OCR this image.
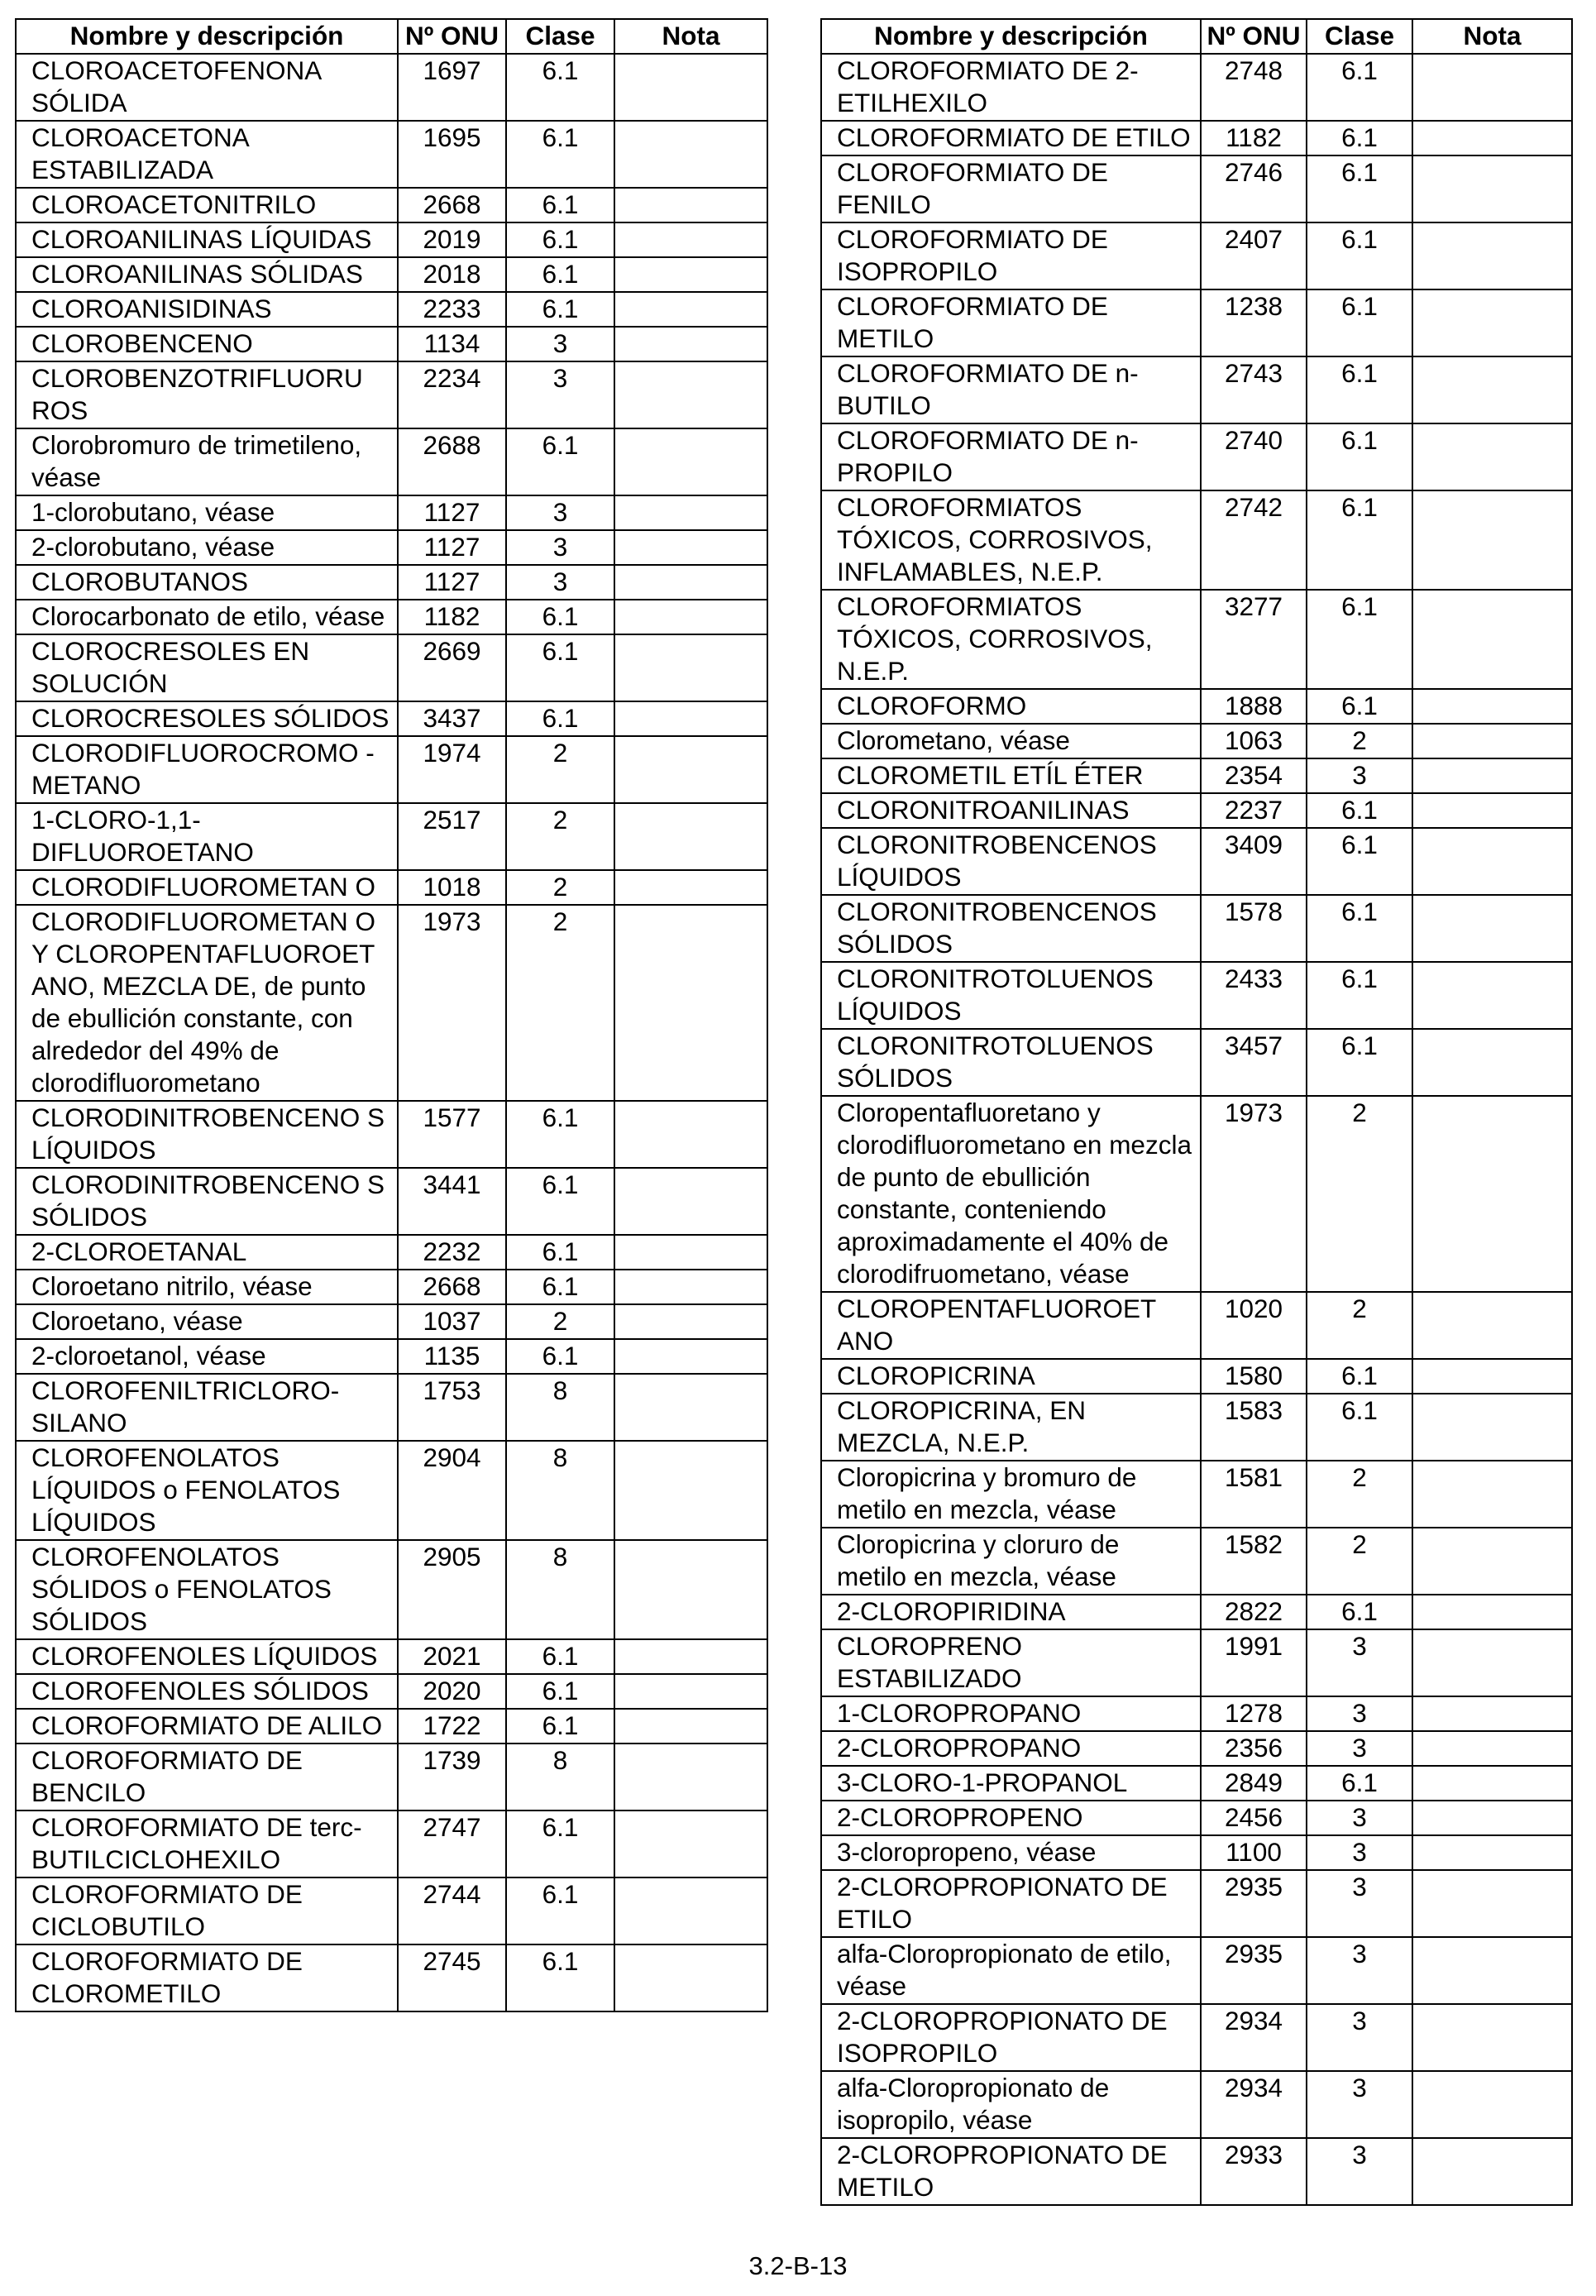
Nombre y descripción	Nº ONU	Clase	Nota
CLOROACETOFENONA SÓLIDA	1697	6.1	
CLOROACETONA ESTABILIZADA	1695	6.1	
CLOROACETONITRILO	2668	6.1	
CLOROANILINAS LÍQUIDAS	2019	6.1	
CLOROANILINAS SÓLIDAS	2018	6.1	
CLOROANISIDINAS	2233	6.1	
CLOROBENCENO	1134	3	
CLOROBENZOTRIFLUORU ROS	2234	3	
Clorobromuro de trimetileno, véase	2688	6.1	
1-clorobutano, véase	1127	3	
2-clorobutano, véase	1127	3	
CLOROBUTANOS	1127	3	
Clorocarbonato de etilo, véase	1182	6.1	
CLOROCRESOLES EN SOLUCIÓN	2669	6.1	
CLOROCRESOLES SÓLIDOS	3437	6.1	
CLORODIFLUOROCROMO -METANO	1974	2	
1-CLORO-1,1- DIFLUOROETANO	2517	2	
CLORODIFLUOROMETAN O	1018	2	
CLORODIFLUOROMETAN O Y CLOROPENTAFLUOROET ANO, MEZCLA DE, de punto de ebullición constante, con alrededor del 49% de clorodifluorometano	1973	2	
CLORODINITROBENCENO S LÍQUIDOS	1577	6.1	
CLORODINITROBENCENO S SÓLIDOS	3441	6.1	
2-CLOROETANAL	2232	6.1	
Cloroetano nitrilo, véase	2668	6.1	
Cloroetano, véase	1037	2	
2-cloroetanol, véase	1135	6.1	
CLOROFENILTRICLORO- SILANO	1753	8	
CLOROFENOLATOS LÍQUIDOS o FENOLATOS LÍQUIDOS	2904	8	
CLOROFENOLATOS SÓLIDOS o FENOLATOS SÓLIDOS	2905	8	
CLOROFENOLES LÍQUIDOS	2021	6.1	
CLOROFENOLES SÓLIDOS	2020	6.1	
CLOROFORMIATO DE ALILO	1722	6.1	
CLOROFORMIATO DE BENCILO	1739	8	
CLOROFORMIATO DE terc-BUTILCICLOHEXILO	2747	6.1	
CLOROFORMIATO DE CICLOBUTILO	2744	6.1	
CLOROFORMIATO DE CLOROMETILO	2745	6.1	
Nombre y descripción	Nº ONU	Clase	Nota
CLOROFORMIATO DE 2-ETILHEXILO	2748	6.1	
CLOROFORMIATO DE ETILO	1182	6.1	
CLOROFORMIATO DE FENILO	2746	6.1	
CLOROFORMIATO DE ISOPROPILO	2407	6.1	
CLOROFORMIATO DE METILO	1238	6.1	
CLOROFORMIATO DE n-BUTILO	2743	6.1	
CLOROFORMIATO DE n-PROPILO	2740	6.1	
CLOROFORMIATOS TÓXICOS, CORROSIVOS, INFLAMABLES, N.E.P.	2742	6.1	
CLOROFORMIATOS TÓXICOS, CORROSIVOS, N.E.P.	3277	6.1	
CLOROFORMO	1888	6.1	
Clorometano, véase	1063	2	
CLOROMETIL ETÍL ÉTER	2354	3	
CLORONITROANILINAS	2237	6.1	
CLORONITROBENCENOS LÍQUIDOS	3409	6.1	
CLORONITROBENCENOS SÓLIDOS	1578	6.1	
CLORONITROTOLUENOS LÍQUIDOS	2433	6.1	
CLORONITROTOLUENOS SÓLIDOS	3457	6.1	
Cloropentafluoretano y clorodifluorometano en mezcla de punto de ebullición constante, conteniendo aproximadamente el 40% de clorodifruometano, véase	1973	2	
CLOROPENTAFLUOROET ANO	1020	2	
CLOROPICRINA	1580	6.1	
CLOROPICRINA, EN MEZCLA, N.E.P.	1583	6.1	
Cloropicrina y bromuro de metilo en mezcla, véase	1581	2	
Cloropicrina y cloruro de metilo en mezcla, véase	1582	2	
2-CLOROPIRIDINA	2822	6.1	
CLOROPRENO ESTABILIZADO	1991	3	
1-CLOROPROPANO	1278	3	
2-CLOROPROPANO	2356	3	
3-CLORO-1-PROPANOL	2849	6.1	
2-CLOROPROPENO	2456	3	
3-cloropropeno, véase	1100	3	
2-CLOROPROPIONATO DE ETILO	2935	3	
alfa-Cloropropionato de etilo, véase	2935	3	
2-CLOROPROPIONATO DE ISOPROPILO	2934	3	
alfa-Cloropropionato de isopropilo, véase	2934	3	
2-CLOROPROPIONATO DE METILO	2933	3	
3.2-B-13
